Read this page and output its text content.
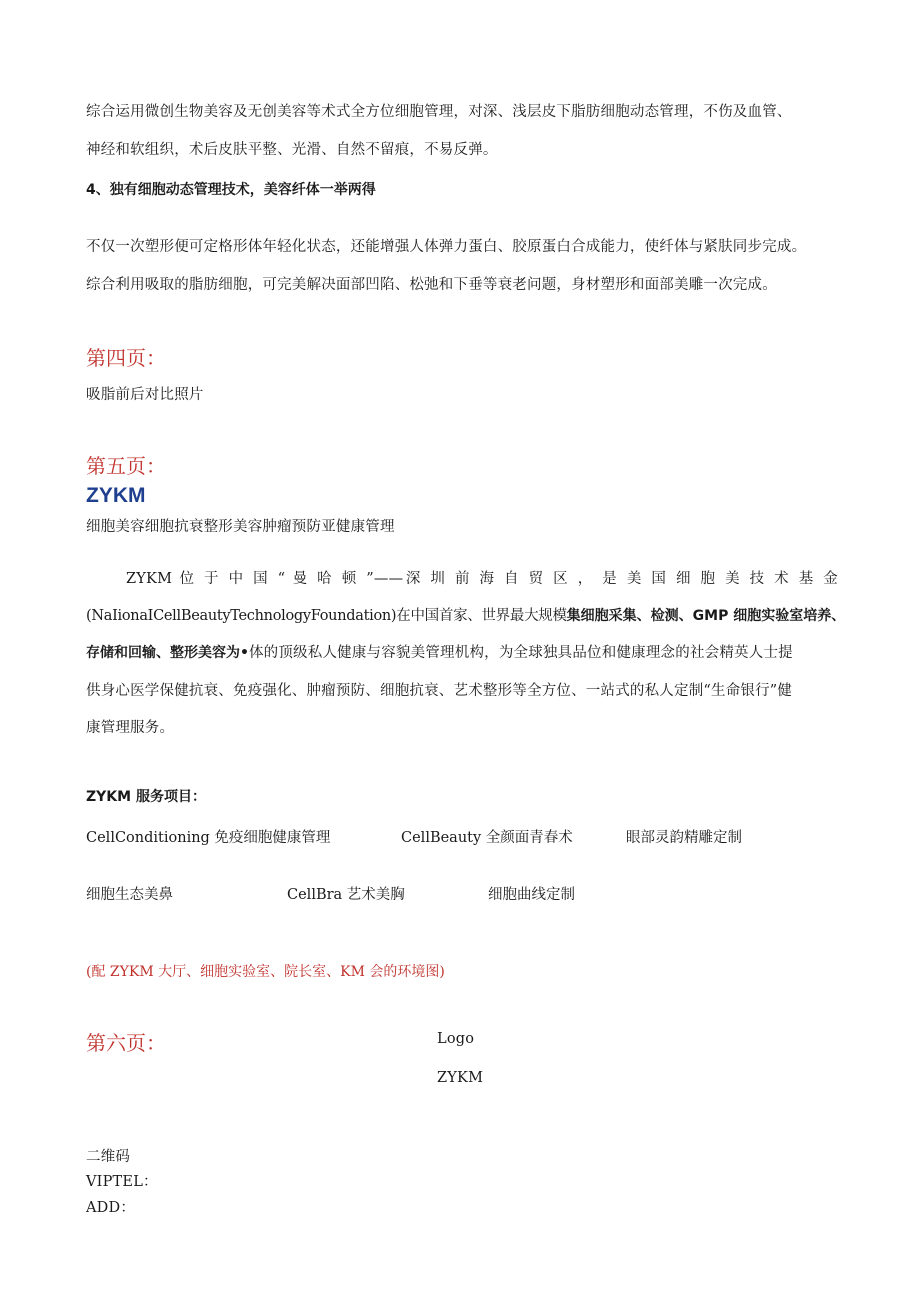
综合运用微创生物美容及无创美容等术式全方位细胞管理，对深、浅层皮下脂肪细胞动态管理，不伤及血管、
神经和软组织，术后皮肤平整、光滑、自然不留痕，不易反弹。
4、独有细胞动态管理技术，美容纤体一举两得
不仅一次塑形便可定格形体年轻化状态，还能增强人体弹力蛋白、胶原蛋白合成能力，使纤体与紧肤同步完成。
综合利用吸取的脂肪细胞，可完美解决面部凹陷、松弛和下垂等衰老问题，身材塑形和面部美雕一次完成。
第四页：
吸脂前后对比照片
第五页：
ZYKM
细胞美容细胞抗衰整形美容肿瘤预防亚健康管理
ZYKM 位 于 中 国 “ 曼 哈 顿 ”——深 圳 前 海 自 贸 区 ， 是 美 国 细 胞 美 技 术 基 金
(NaIionaICellBeautyTechnologyFoundation)在中国首家、世界最大规模集细胞采集、检测、GMP 细胞实验室培养、
存储和回输、整形美容为•体的顶级私人健康与容貌美管理机构，为全球独具品位和健康理念的社会精英人士提
供身心医学保健抗衰、免疫强化、肿瘤预防、细胞抗衰、艺术整形等全方位、一站式的私人定制“生命银行”健
康管理服务。
ZYKM 服务项目：
CellConditioning 免疫细胞健康管理	CellBeauty 全颜面青春术	眼部灵韵精雕定制
细胞生态美鼻	CellBra 艺术美胸	细胞曲线定制
(配 ZYKM 大厅、细胞实验室、院长室、KM 会的环境图)
第六页：	Logo
ZYKM
二维码
VIPTEL：
ADD：
